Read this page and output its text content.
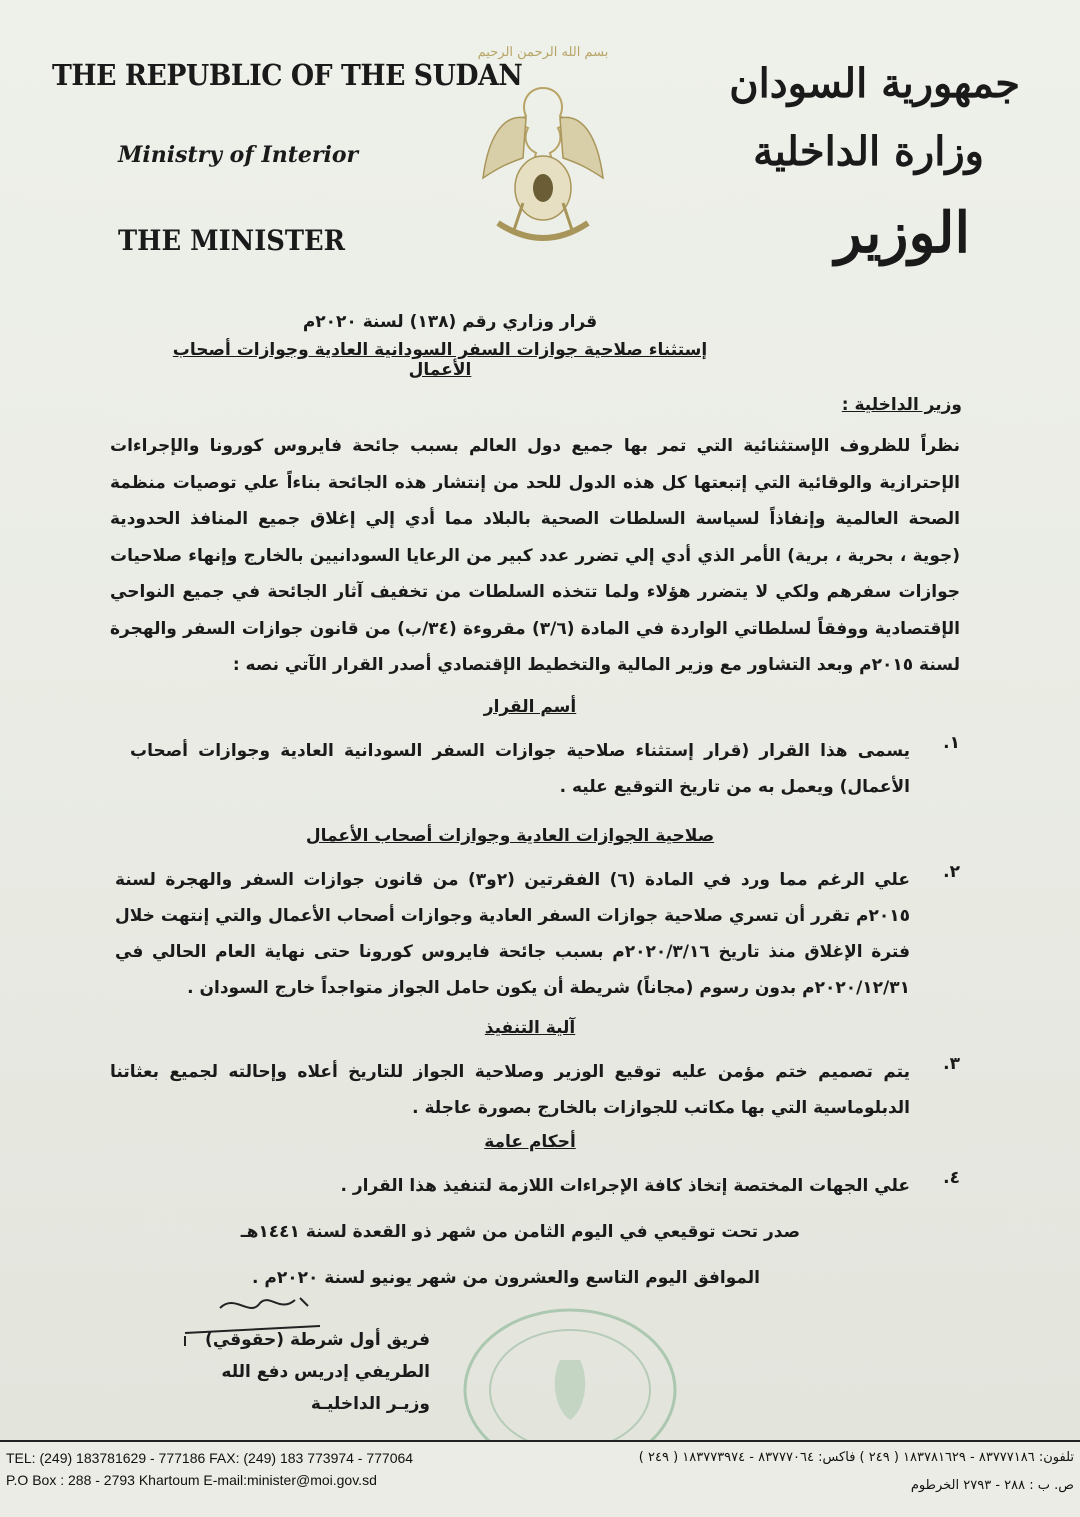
THE REPUBLIC OF THE SUDAN
Ministry of Interior
THE MINISTER
بسم الله الرحمن الرحيم
جمهورية السودان
وزارة الداخلية
الوزير
قرار وزاري رقم (١٣٨) لسنة ٢٠٢٠م
إستثناء صلاحية جوازات السفر السودانية العادية وجوازات أصحاب الأعمال
وزير الداخلية :
نظراً للظروف الإستثنائية التي تمر بها جميع دول العالم بسبب جائحة فايروس كورونا والإجراءات الإحترازية والوقائية التي إتبعتها كل هذه الدول للحد من إنتشار هذه الجائحة بناءاً علي توصيات منظمة الصحة العالمية وإنفاذاً لسياسة السلطات الصحية بالبلاد مما أدي إلي إغلاق جميع المنافذ الحدودية (جوية ، بحرية ، برية) الأمر الذي أدي إلي تضرر عدد كبير من الرعايا السودانيين بالخارج وإنهاء صلاحيات جوازات سفرهم ولكي لا يتضرر هؤلاء ولما تتخذه السلطات من تخفيف آثار الجائحة في جميع النواحي الإقتصادية ووفقاً لسلطاتي الواردة في المادة (٣/٦) مقروءة (٣٤/ب) من قانون جوازات السفر والهجرة لسنة ٢٠١٥م وبعد التشاور مع وزير المالية والتخطيط الإقتصادي أصدر القرار الآتي نصه :
أسم القرار
١.
يسمى هذا القرار (قرار إستثناء صلاحية جوازات السفر السودانية العادية وجوازات أصحاب الأعمال) ويعمل به من تاريخ التوقيع عليه .
صلاحية الجوازات العادية وجوازات أصحاب الأعمال
٢.
علي الرغم مما ورد في المادة (٦) الفقرتين (٢و٣) من قانون جوازات السفر والهجرة لسنة ٢٠١٥م تقرر أن تسري صلاحية جوازات السفر العادية وجوازات أصحاب الأعمال والتي إنتهت خلال فترة الإغلاق منذ تاريخ ٢٠٢٠/٣/١٦م بسبب جائحة فايروس كورونا حتى نهاية العام الحالي في ٢٠٢٠/١٢/٣١م بدون رسوم (مجاناً) شريطة أن يكون حامل الجواز متواجداً خارج السودان .
آلية التنفيذ
٣.
يتم تصميم ختم مؤمن عليه توقيع الوزير وصلاحية الجواز للتاريخ أعلاه وإحالته لجميع بعثاتنا الدبلوماسية التي بها مكاتب للجوازات بالخارج بصورة عاجلة .
أحكام عامة
٤.
علي الجهات المختصة إتخاذ كافة الإجراءات اللازمة لتنفيذ هذا القرار .
صدر تحت توقيعي في اليوم الثامن من شهر ذو القعدة لسنة ١٤٤١هـ
الموافق اليوم التاسع والعشرون من شهر يونيو لسنة ٢٠٢٠م .
فريق أول شرطة (حقوقي)
الطريفي إدريس دفع الله
وزيـر الداخليـة
TEL: (249) 183781629 - 777186 FAX: (249) 183 773974 - 777064
P.O Box : 288 - 2793 Khartoum E-mail:minister@moi.gov.sd
تلفون: ٨٣٧٧٧١٨٦ - ١٨٣٧٨١٦٢٩ ( ٢٤٩ ) فاكس: ٨٣٧٧٧٠٦٤ - ١٨٣٧٧٣٩٧٤ ( ٢٤٩ )
ص. ب : ٢٨٨ - ٢٧٩٣ الخرطوم
